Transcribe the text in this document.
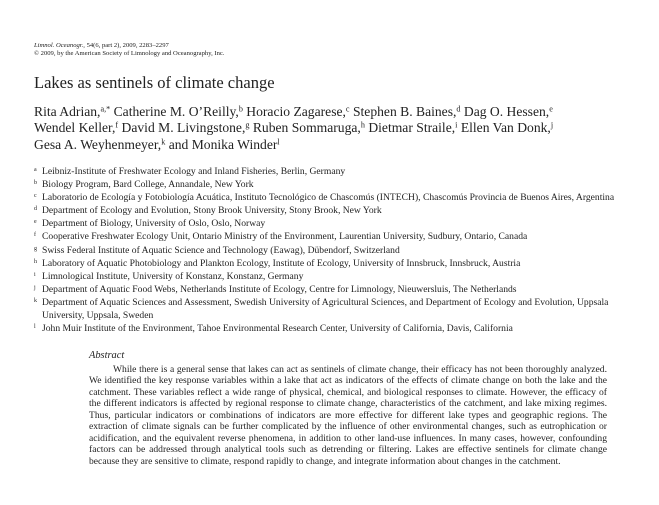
Limnol. Oceanogr., 54(6, part 2), 2009, 2283–2297
© 2009, by the American Society of Limnology and Oceanography, Inc.
Lakes as sentinels of climate change
Rita Adrian,$^{a,*}$ Catherine M. O’Reilly,$^b$ Horacio Zagarese,$^c$ Stephen B. Baines,$^d$ Dag O. Hessen,$^e$
Wendel Keller,$^f$ David M. Livingstone,$^g$ Ruben Sommaruga,$^h$ Dietmar Straile,$^i$ Ellen Van Donk,$^j$
Gesa A. Weyhenmeyer,$^k$ and Monika Winder$^l$
a Leibniz-Institute of Freshwater Ecology and Inland Fisheries, Berlin, Germany
b Biology Program, Bard College, Annandale, New York
c Laboratorio de Ecología y Fotobiología Acuática, Instituto Tecnológico de Chascomús (INTECH), Chascomús Provincia de Buenos Aires, Argentina
d Department of Ecology and Evolution, Stony Brook University, Stony Brook, New York
e Department of Biology, University of Oslo, Oslo, Norway
f Cooperative Freshwater Ecology Unit, Ontario Ministry of the Environment, Laurentian University, Sudbury, Ontario, Canada
g Swiss Federal Institute of Aquatic Science and Technology (Eawag), Dübendorf, Switzerland
h Laboratory of Aquatic Photobiology and Plankton Ecology, Institute of Ecology, University of Innsbruck, Innsbruck, Austria
i Limnological Institute, University of Konstanz, Konstanz, Germany
j Department of Aquatic Food Webs, Netherlands Institute of Ecology, Centre for Limnology, Nieuwersluis, The Netherlands
k Department of Aquatic Sciences and Assessment, Swedish University of Agricultural Sciences, and Department of Ecology and Evolution, Uppsala University, Uppsala, Sweden
l John Muir Institute of the Environment, Tahoe Environmental Research Center, University of California, Davis, California
Abstract

While there is a general sense that lakes can act as sentinels of climate change, their efficacy has not been thoroughly analyzed. We identified the key response variables within a lake that act as indicators of the effects of climate change on both the lake and the catchment. These variables reflect a wide range of physical, chemical, and biological responses to climate. However, the efficacy of the different indicators is affected by regional response to climate change, characteristics of the catchment, and lake mixing regimes. Thus, particular indicators or combinations of indicators are more effective for different lake types and geographic regions. The extraction of climate signals can be further complicated by the influence of other environmental changes, such as eutrophication or acidification, and the equivalent reverse phenomena, in addition to other land-use influences. In many cases, however, confounding factors can be addressed through analytical tools such as detrending or filtering. Lakes are effective sentinels for climate change because they are sensitive to climate, respond rapidly to change, and integrate information about changes in the catchment.
